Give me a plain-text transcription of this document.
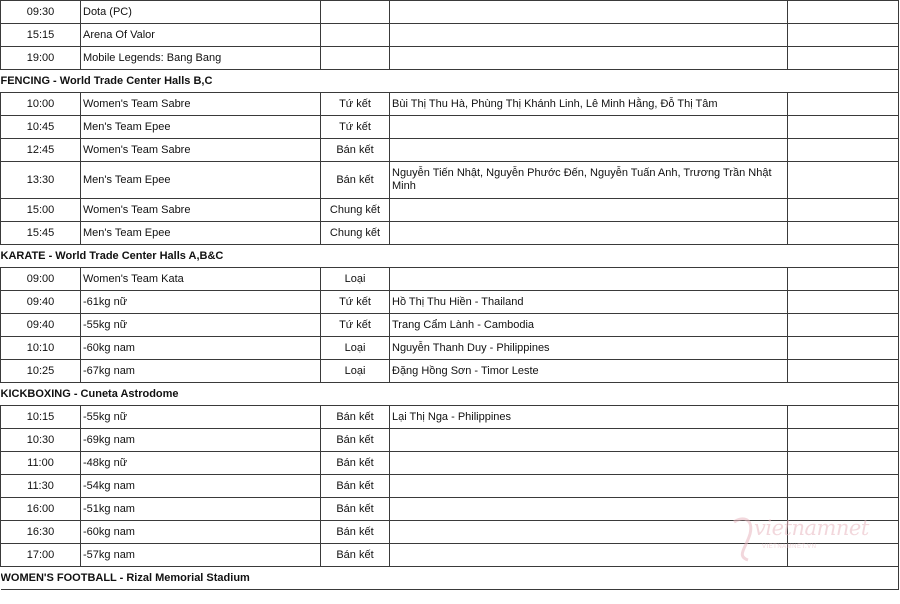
09:30	Dota (PC)			
15:15	Arena Of Valor			
19:00	Mobile Legends: Bang Bang			
FENCING - World Trade Center Halls B,C				
10:00	Women's Team Sabre	Tứ kết	Bùi Thị Thu Hà, Phùng Thị Khánh Linh, Lê Minh Hằng, Đỗ Thị Tâm	
10:45	Men's Team Epee	Tứ kết		
12:45	Women's Team Sabre	Bán kết		
13:30	Men's Team Epee	Bán kết	Nguyễn Tiến Nhật, Nguyễn Phước Đến, Nguyễn Tuấn Anh, Trương Trần Nhật Minh	
15:00	Women's Team Sabre	Chung kết		
15:45	Men's Team Epee	Chung kết		
KARATE - World Trade Center Halls A,B&C				
09:00	Women's Team Kata	Loại		
09:40	-61kg nữ	Tứ kết	Hồ Thị Thu Hiền - Thailand	
09:40	-55kg nữ	Tứ kết	Trang Cẩm Lành - Cambodia	
10:10	-60kg nam	Loại	Nguyễn Thanh Duy - Philippines	
10:25	-67kg nam	Loại	Đặng Hồng Sơn - Timor Leste	
KICKBOXING - Cuneta Astrodome				
10:15	-55kg nữ	Bán kết	Lại Thị Nga - Philippines	
10:30	-69kg nam	Bán kết		
11:00	-48kg nữ	Bán kết		
11:30	-54kg nam	Bán kết		
16:00	-51kg nam	Bán kết		
16:30	-60kg nam	Bán kết		
17:00	-57kg nam	Bán kết		
WOMEN'S FOOTBALL - Rizal Memorial Stadium				
vietnamnet
VIETNAMNET.VN
